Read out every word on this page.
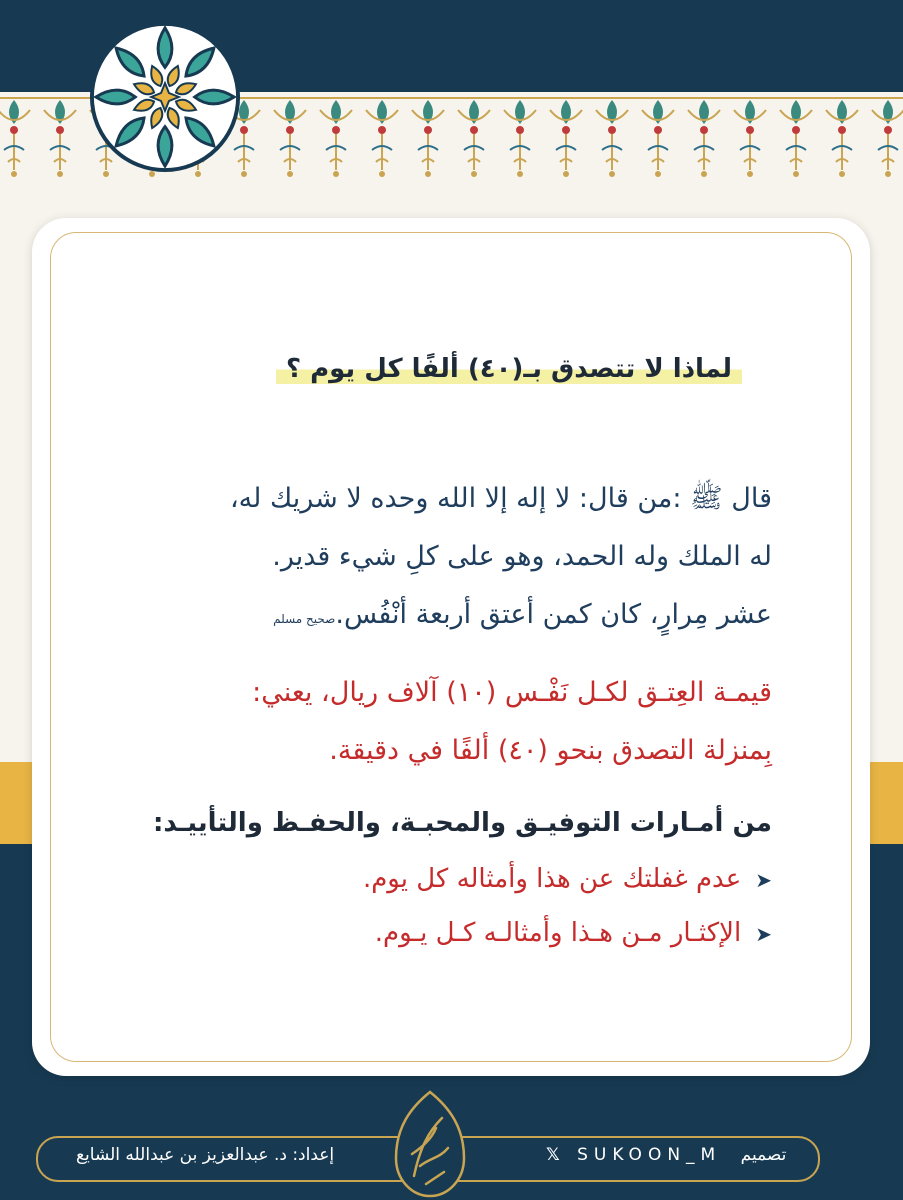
لماذا لا تتصدق بـ(٤٠) ألفًا كل يوم ؟
قال ﷺ :من قال: لا إله إلا الله وحده لا شريك له،
له الملك وله الحمد، وهو على كلِ شيء قدير.
عشر مِرارٍ، كان كمن أعتق أربعة أنْفُس.صحيح مسلم
قيمـة العِتـق لكـل نَفْـس (١٠) آلاف ريال، يعني:
بِمنزلة التصدق بنحو (٤٠) ألفًا في دقيقة.
من أمـارات التوفيـق والمحبـة، والحفـظ والتأييـد:
➤عدم غفلتك عن هذا وأمثاله كل يوم.
➤الإكثـار مـن هـذا وأمثالـه كـل يـوم.
إعداد: د. عبدالعزيز بن عبدالله الشايع	𝕏 SUKOON_M تصميم
